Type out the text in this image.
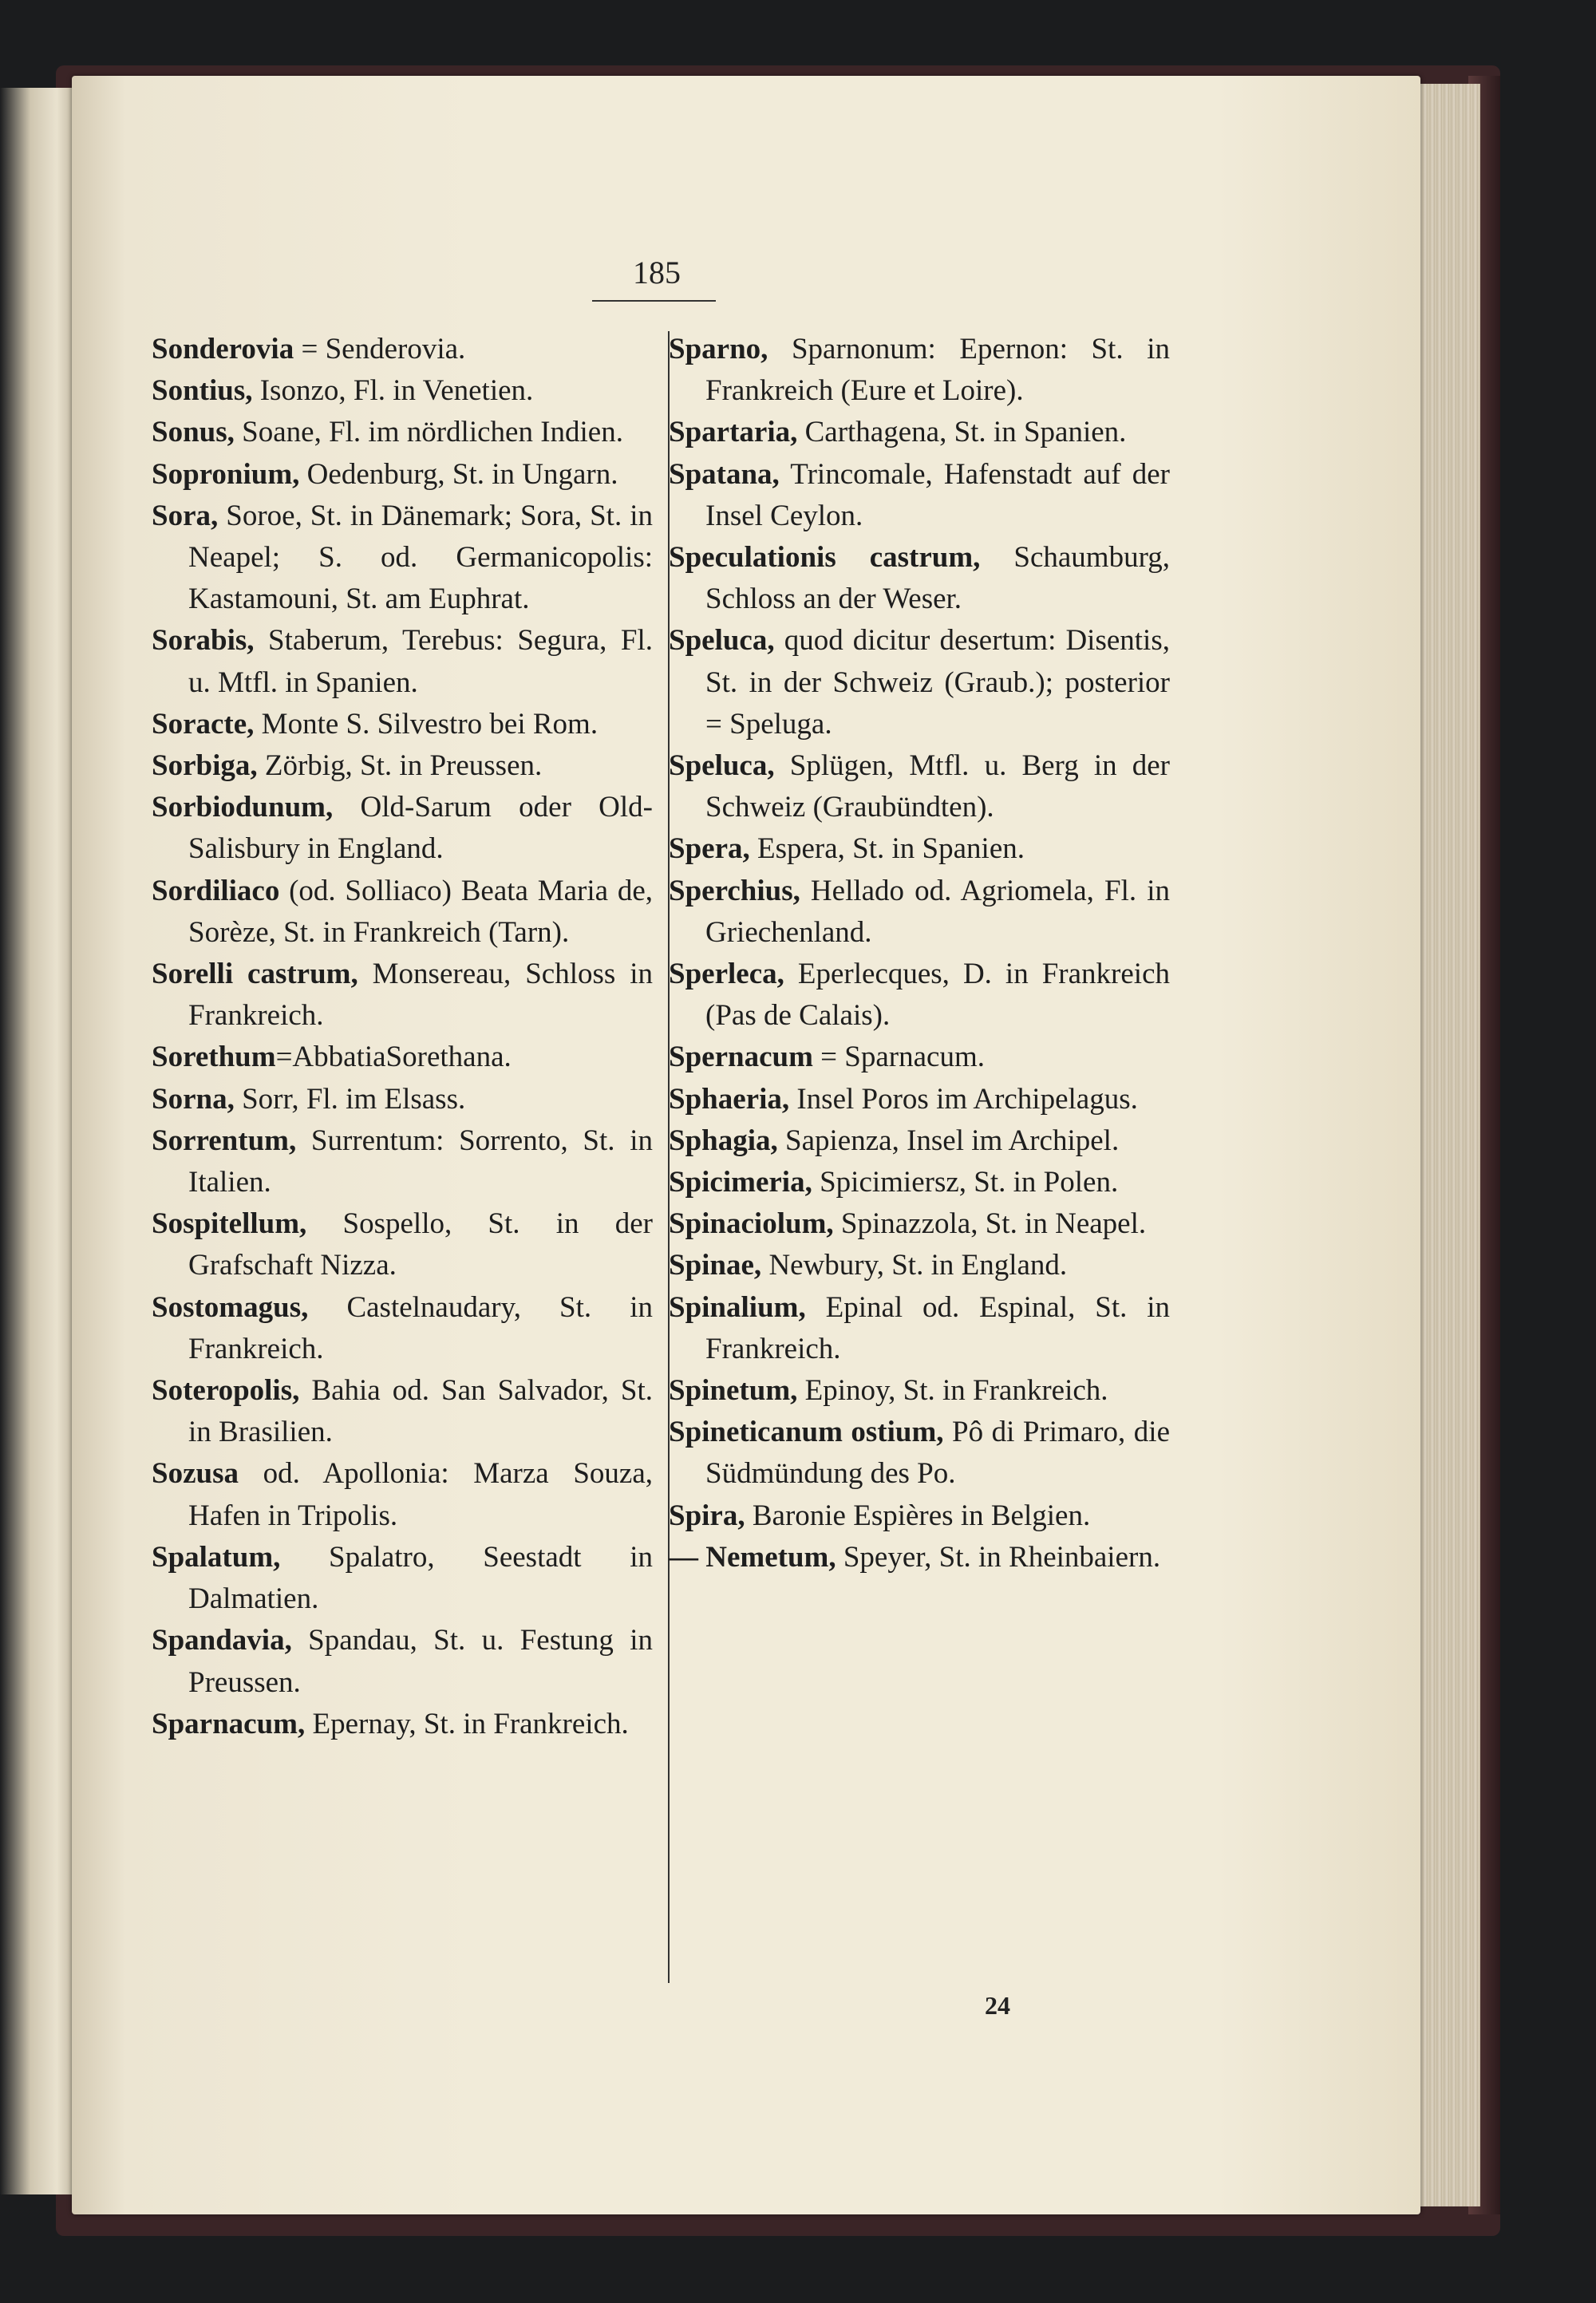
185

Sonderovia = Senderovia.

Sontius, Isonzo, Fl. in Venetien.

Sonus, Soane, Fl. im nördlichen Indien.

Sopronium, Oedenburg, St. in Ungarn.

Sora, Soroe, St. in Dänemark; Sora, St. in Neapel; S. od. Germanicopolis: Kastamouni, St. am Euphrat.

Sorabis, Staberum, Terebus: Segura, Fl. u. Mtfl. in Spanien.

Soracte, Monte S. Silvestro bei Rom.

Sorbiga, Zörbig, St. in Preussen.

Sorbiodunum, Old-Sarum oder Old-Salisbury in England.

Sordiliaco (od. Solliaco) Beata Maria de, Sorèze, St. in Frankreich (Tarn).

Sorelli castrum, Monsereau, Schloss in Frankreich.

Sorethum=AbbatiaSorethana.

Sorna, Sorr, Fl. im Elsass.

Sorrentum, Surrentum: Sorrento, St. in Italien.

Sospitellum, Sospello, St. in der Grafschaft Nizza.

Sostomagus, Castelnaudary, St. in Frankreich.

Soteropolis, Bahia od. San Salvador, St. in Brasilien.

Sozusa od. Apollonia: Marza Souza, Hafen in Tripolis.

Spalatum, Spalatro, Seestadt in Dalmatien.

Spandavia, Spandau, St. u. Festung in Preussen.

Sparnacum, Epernay, St. in Frankreich.

Sparno, Sparnonum: Epernon: St. in Frankreich (Eure et Loire).

Spartaria, Carthagena, St. in Spanien.

Spatana, Trincomale, Hafenstadt auf der Insel Ceylon.

Speculationis castrum, Schaumburg, Schloss an der Weser.

Speluca, quod dicitur desertum: Disentis, St. in der Schweiz (Graub.); posterior = Speluga.

Speluca, Splügen, Mtfl. u. Berg in der Schweiz (Graubündten).

Spera, Espera, St. in Spanien.

Sperchius, Hellado od. Agriomela, Fl. in Griechenland.

Sperleca, Eperlecques, D. in Frankreich (Pas de Calais).

Spernacum = Sparnacum.

Sphaeria, Insel Poros im Archipelagus.

Sphagia, Sapienza, Insel im Archipel.

Spicimeria, Spicimiersz, St. in Polen.

Spinaciolum, Spinazzola, St. in Neapel.

Spinae, Newbury, St. in England.

Spinalium, Epinal od. Espinal, St. in Frankreich.

Spinetum, Epinoy, St. in Frankreich.

Spineticanum ostium, Pô di Primaro, die Südmündung des Po.

Spira, Baronie Espières in Belgien.

— Nemetum, Speyer, St. in Rheinbaiern.

24
